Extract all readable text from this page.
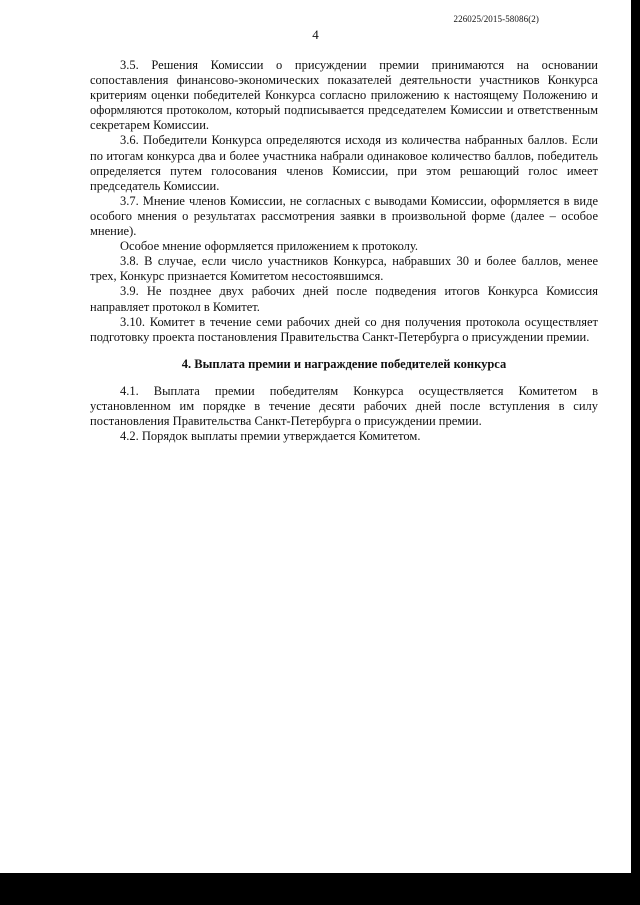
226025/2015-58086(2)
4

3.5. Решения Комиссии о присуждении премии принимаются на основании сопоставления финансово-экономических показателей деятельности участников Конкурса критериям оценки победителей Конкурса согласно приложению к настоящему Положению и оформляются протоколом, который подписывается председателем Комиссии и ответственным секретарем Комиссии.

3.6. Победители Конкурса определяются исходя из количества набранных баллов. Если по итогам конкурса два и более участника набрали одинаковое количество баллов, победитель определяется путем голосования членов Комиссии, при этом решающий голос имеет председатель Комиссии.

3.7. Мнение членов Комиссии, не согласных с выводами Комиссии, оформляется в виде особого мнения о результатах рассмотрения заявки в произвольной форме (далее – особое мнение).

Особое мнение оформляется приложением к протоколу.

3.8. В случае, если число участников Конкурса, набравших 30 и более баллов, менее трех, Конкурс признается Комитетом несостоявшимся.

3.9. Не позднее двух рабочих дней после подведения итогов Конкурса Комиссия направляет протокол в Комитет.

3.10. Комитет в течение семи рабочих дней со дня получения протокола осуществляет подготовку проекта постановления Правительства Санкт-Петербурга о присуждении премии.

4. Выплата премии и награждение победителей конкурса

4.1. Выплата премии победителям Конкурса осуществляется Комитетом в установленном им порядке в течение десяти рабочих дней после вступления в силу постановления Правительства Санкт-Петербурга о присуждении премии.

4.2. Порядок выплаты премии утверждается Комитетом.
